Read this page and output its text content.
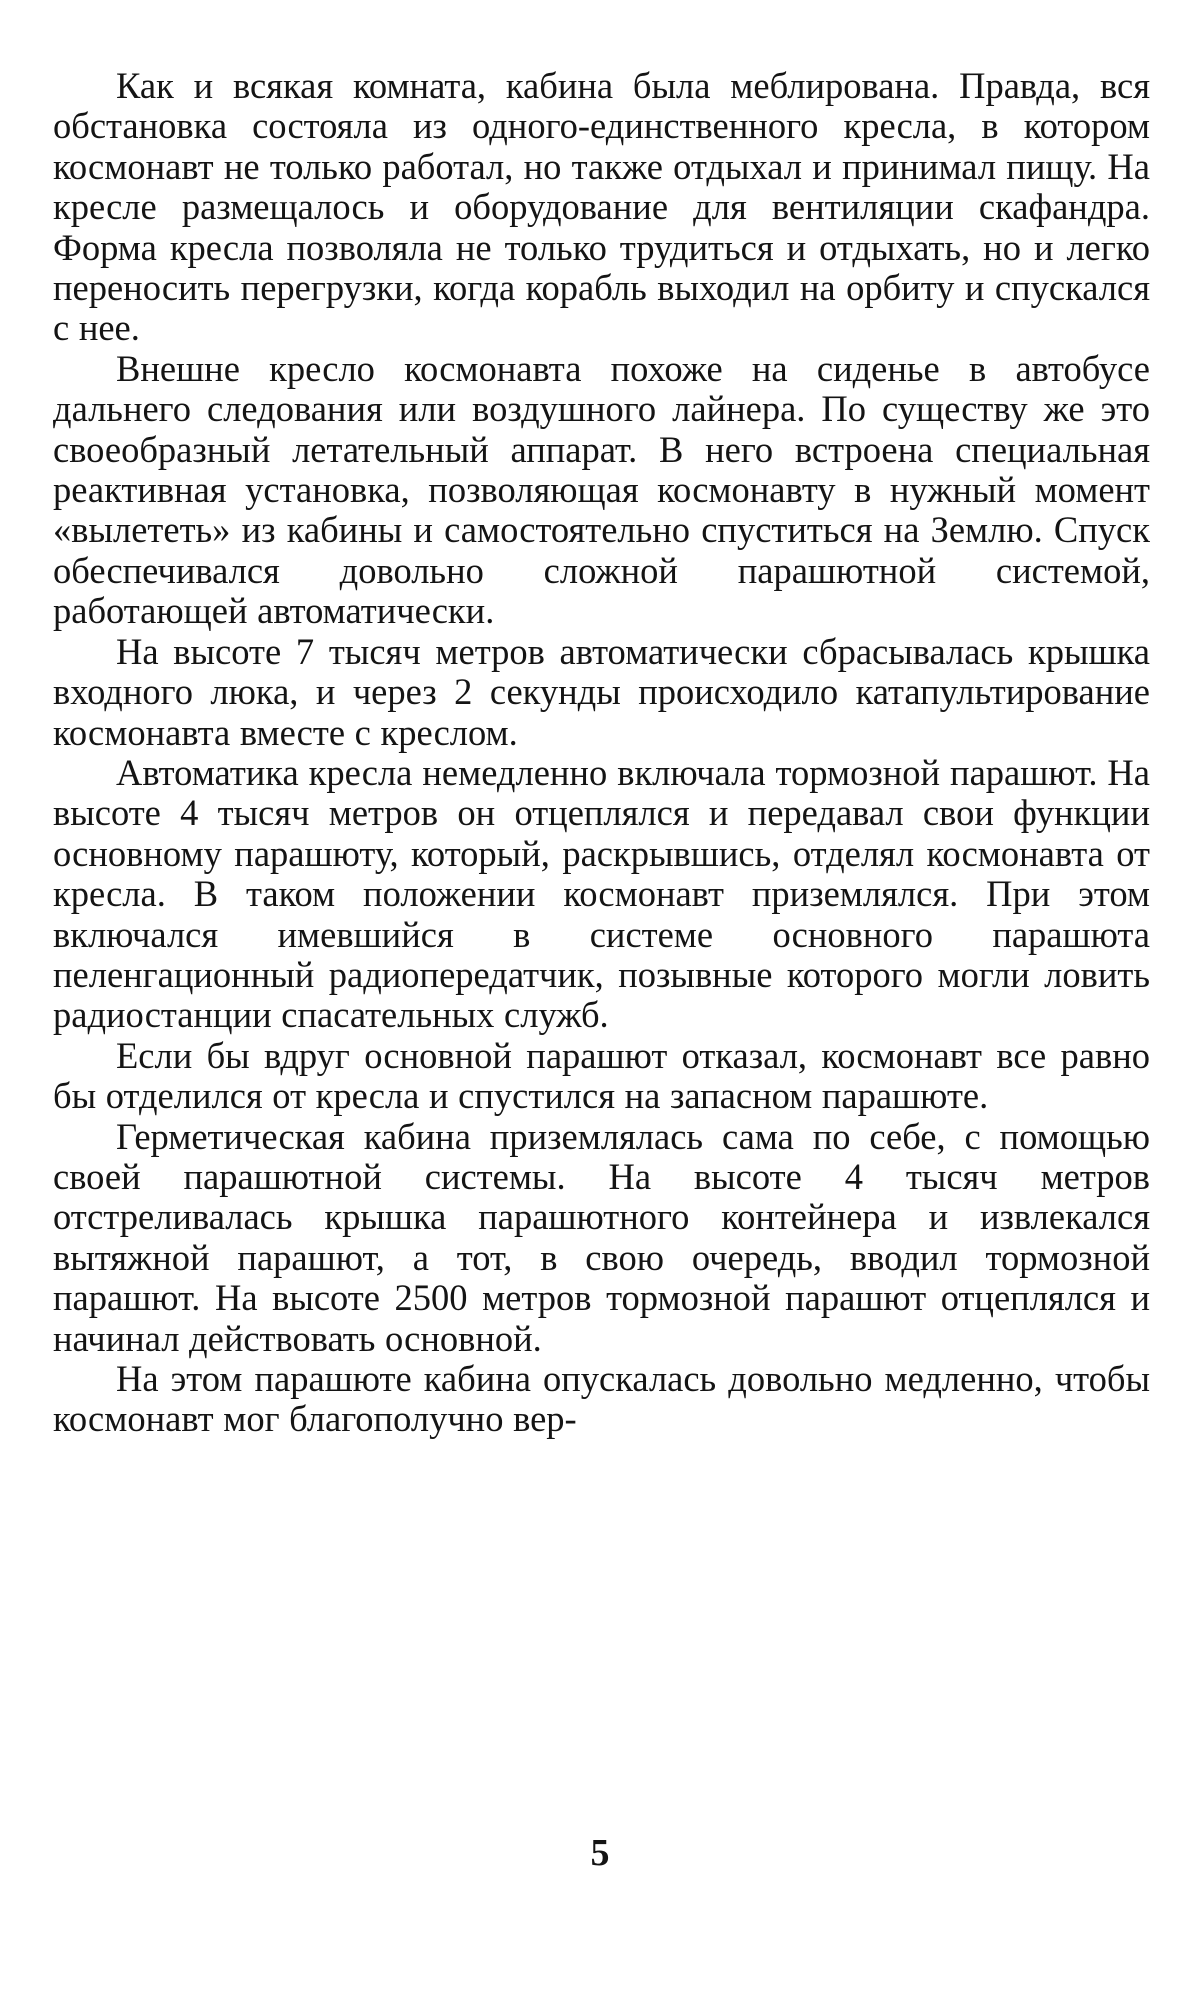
Как и всякая комната, кабина была меблирована. Правда, вся обстановка состояла из одного-единственного кресла, в котором космонавт не только работал, но также отдыхал и принимал пищу. На кресле размещалось и оборудование для вентиляции скафандра. Форма кресла позволяла не только трудиться и отдыхать, но и легко переносить перегрузки, когда корабль выходил на орбиту и спускался с нее.

Внешне кресло космонавта похоже на сиденье в автобусе дальнего следования или воздушного лайнера. По существу же это своеобразный летательный аппарат. В него встроена специальная реактивная установка, позволяющая космонавту в нужный момент «вылететь» из кабины и самостоятельно спуститься на Землю. Спуск обеспечивался довольно сложной парашютной системой, работающей автоматически.

На высоте 7 тысяч метров автоматически сбрасывалась крышка входного люка, и через 2 секунды происходило катапультирование космонавта вместе с креслом.

Автоматика кресла немедленно включала тормозной парашют. На высоте 4 тысяч метров он отцеплялся и передавал свои функции основному парашюту, который, раскрывшись, отделял космонавта от кресла. В таком положении космонавт приземлялся. При этом включался имевшийся в системе основного парашюта пеленгационный радиопередатчик, позывные которого могли ловить радиостанции спасательных служб.

Если бы вдруг основной парашют отказал, космонавт все равно бы отделился от кресла и спустился на запасном парашюте.

Герметическая кабина приземлялась сама по себе, с помощью своей парашютной системы. На высоте 4 тысяч метров отстреливалась крышка парашютного контейнера и извлекался вытяжной парашют, а тот, в свою очередь, вводил тормозной парашют. На высоте 2500 метров тормозной парашют отцеплялся и начинал действовать основной.

На этом парашюте кабина опускалась довольно медленно, чтобы космонавт мог благополучно вер-

5
